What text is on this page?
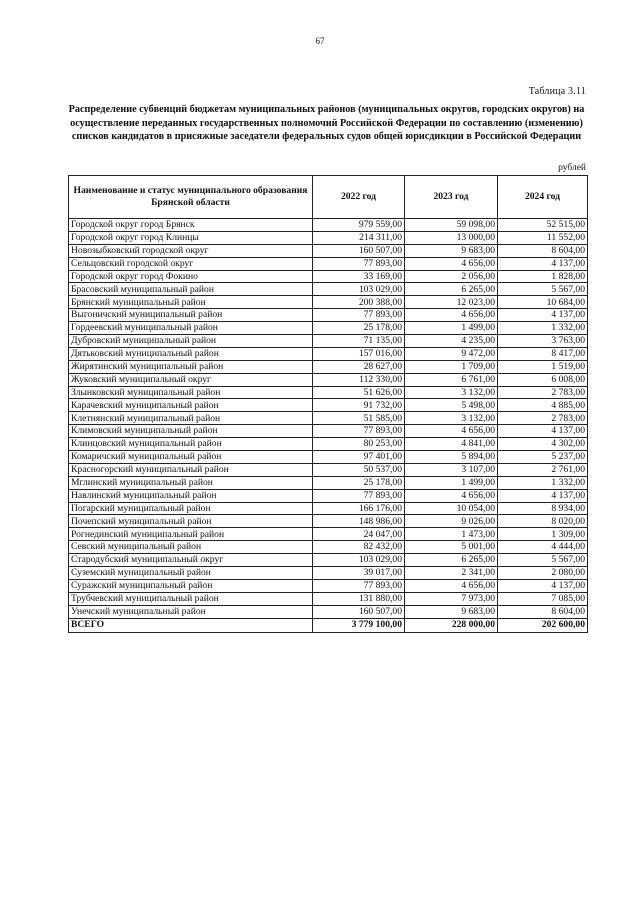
67
Таблица 3.11
Распределение субвенций бюджетам муниципальных районов (муниципальных округов, городских округов) на осуществление переданных государственных полномочий Российской Федерации по составлению (изменению) списков кандидатов в присяжные заседатели федеральных судов общей юрисдикции в Российской Федерации
рублей
Наименование и статус муниципального образования Брянской области	2022 год	2023 год	2024 год
Городской округ город Брянск	979 559,00	59 098,00	52 515,00
Городской округ город Клинцы	214 311,00	13 000,00	11 552,00
Новозыбковский городской округ	160 507,00	9 683,00	8 604,00
Сельцовский городской округ	77 893,00	4 656,00	4 137,00
Городской округ город Фокино	33 169,00	2 056,00	1 828,00
Брасовский муниципальный район	103 029,00	6 265,00	5 567,00
Брянский муниципальный район	200 388,00	12 023,00	10 684,00
Выгоничский муниципальный район	77 893,00	4 656,00	4 137,00
Гордеевский муниципальный район	25 178,00	1 499,00	1 332,00
Дубровский муниципальный район	71 135,00	4 235,00	3 763,00
Дятьковский муниципальный район	157 016,00	9 472,00	8 417,00
Жирятинский муниципальный район	28 627,00	1 709,00	1 519,00
Жуковский муниципальный округ	112 330,00	6 761,00	6 008,00
Злынковский муниципальный район	51 626,00	3 132,00	2 783,00
Карачевский муниципальный район	91 732,00	5 498,00	4 885,00
Клетнянский муниципальный район	51 585,00	3 132,00	2 783,00
Климовский муниципальный район	77 893,00	4 656,00	4 137,00
Клинцовский муниципальный район	80 253,00	4 841,00	4 302,00
Комаричский муниципальный район	97 401,00	5 894,00	5 237,00
Красногорский муниципальный район	50 537,00	3 107,00	2 761,00
Мглинский муниципальный район	25 178,00	1 499,00	1 332,00
Навлинский муниципальный район	77 893,00	4 656,00	4 137,00
Погарский муниципальный район	166 176,00	10 054,00	8 934,00
Почепский муниципальный район	148 986,00	9 026,00	8 020,00
Рогнединский муниципальный район	24 047,00	1 473,00	1 309,00
Севский муниципальный район	82 432,00	5 001,00	4 444,00
Стародубский муниципальный округ	103 029,00	6 265,00	5 567,00
Суземский муниципальный район	39 017,00	2 341,00	2 080,00
Суражский муниципальный район	77 893,00	4 656,00	4 137,00
Трубчевский муниципальный район	131 880,00	7 973,00	7 085,00
Унечский муниципальный район	160 507,00	9 683,00	8 604,00
ВСЕГО	3 779 100,00	228 000,00	202 600,00
